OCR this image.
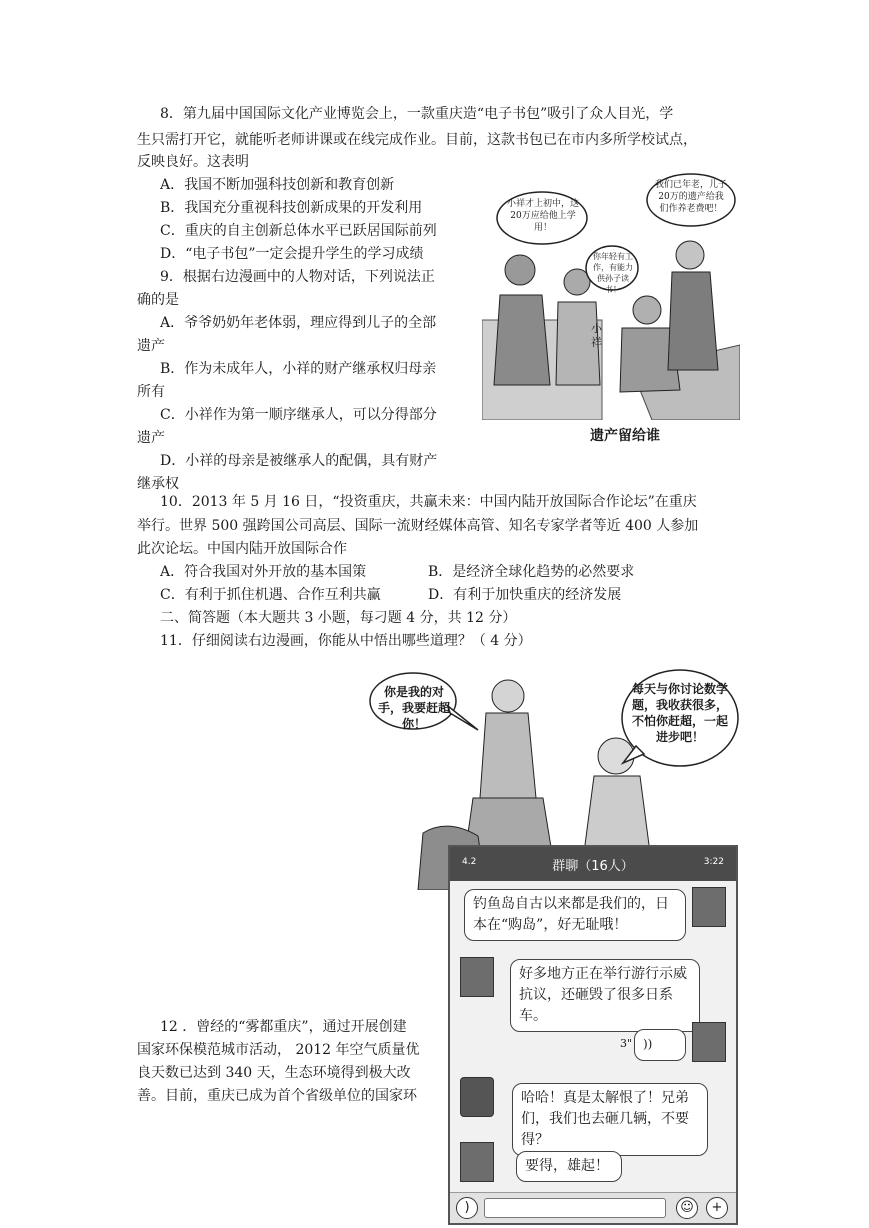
8．第九届中国国际文化产业博览会上，一款重庆造“电子书包”吸引了众人目光，学
生只需打开它，就能听老师讲课或在线完成作业。目前，这款书包已在市内多所学校试点，
反映良好。这表明
A．我国不断加强科技创新和教育创新
B．我国充分重视科技创新成果的开发利用
C．重庆的自主创新总体水平已跃居国际前列
D．“电子书包”一定会提升学生的学习成绩
9．根据右边漫画中的人物对话，下列说法正
确的是
A．爷爷奶奶年老体弱，理应得到儿子的全部
遗产
B．作为未成年人，小祥的财产继承权归母亲
所有
C．小祥作为第一顺序继承人，可以分得部分
遗产
D．小祥的母亲是被继承人的配偶，具有财产
继承权
小祥才上初中，这20万应给他上学用！
我们已年老，儿子20万的遗产给我们作养老费吧！
你年轻有工作，有能力供孙子读书！
小祥
遗产留给谁
10．2013 年 5 月 16 日，“投资重庆，共赢未来：中国内陆开放国际合作论坛”在重庆
举行。世界 500 强跨国公司高层、国际一流财经媒体高管、知名专家学者等近 400 人参加
此次论坛。中国内陆开放国际合作
A．符合我国对外开放的基本国策	B．是经济全球化趋势的必然要求
C．有利于抓住机遇、合作互利共赢	D．有利于加快重庆的经济发展
二、简答题（本大题共 3 小题，每刁题 4 分，共 12 分）
11．仔细阅读右边漫画，你能从中悟出哪些道理？（ 4 分）
你是我的对手，我要赶超你！
每天与你讨论数学题，我收获很多，不怕你赶超，一起进步吧！
12 ．曾经的“雾都重庆”，通过开展创建
国家环保模范城市活动， 2012 年空气质量优
良天数已达到 340 天，生态环境得到极大改
善。目前，重庆已成为首个省级单位的国家环
4.2	群聊（16人）	3:22
钓鱼岛自古以来都是我们的，日本在“购岛”，好无耻哦！
好多地方正在举行游行示威抗议，还砸毁了很多日系车。
3" ))
哈哈！真是太解恨了！兄弟们，我们也去砸几辆，不要得？
要得，雄起！
)	☺	+
